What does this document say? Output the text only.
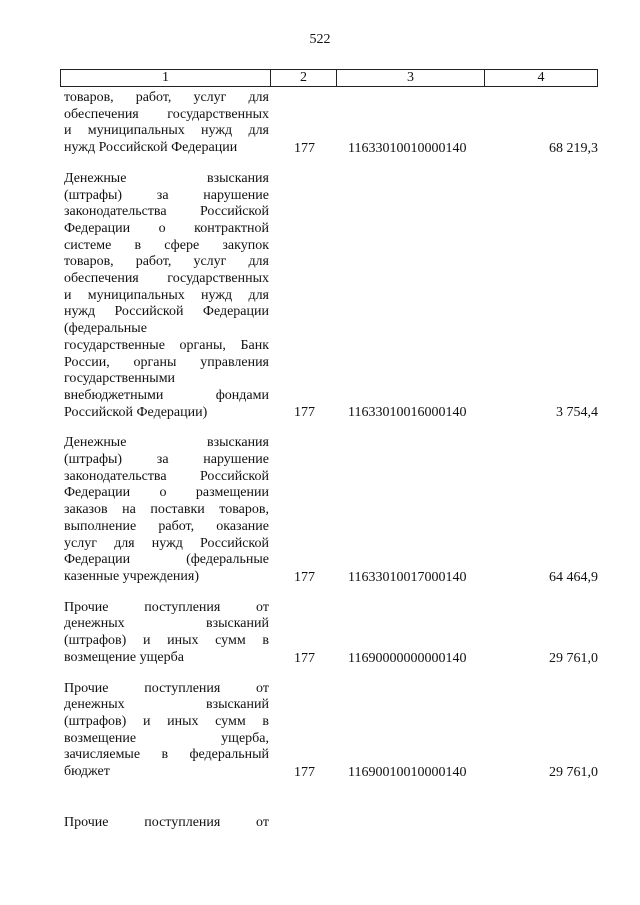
522
1	2	3	4
товаров, работ, услуг для
обеспечения государственных
и муниципальных нужд для
нужд Российской Федерации	177	11633010010000140	68 219,3
Денежные взыскания
(штрафы) за нарушение
законодательства Российской
Федерации о контрактной
системе в сфере закупок
товаров, работ, услуг для
обеспечения государственных
и муниципальных нужд для
нужд Российской Федерации
(федеральные
государственные органы, Банк
России, органы управления
государственными
внебюджетными фондами
Российской Федерации)	177	11633010016000140	3 754,4
Денежные взыскания
(штрафы) за нарушение
законодательства Российской
Федерации о размещении
заказов на поставки товаров,
выполнение работ, оказание
услуг для нужд Российской
Федерации (федеральные
казенные учреждения)	177	11633010017000140	64 464,9
Прочие поступления от
денежных взысканий
(штрафов) и иных сумм в
возмещение ущерба	177	11690000000000140	29 761,0
Прочие поступления от
денежных взысканий
(штрафов) и иных сумм в
возмещение ущерба,
зачисляемые в федеральный
бюджет	177	11690010010000140	29 761,0
Прочие поступления от
